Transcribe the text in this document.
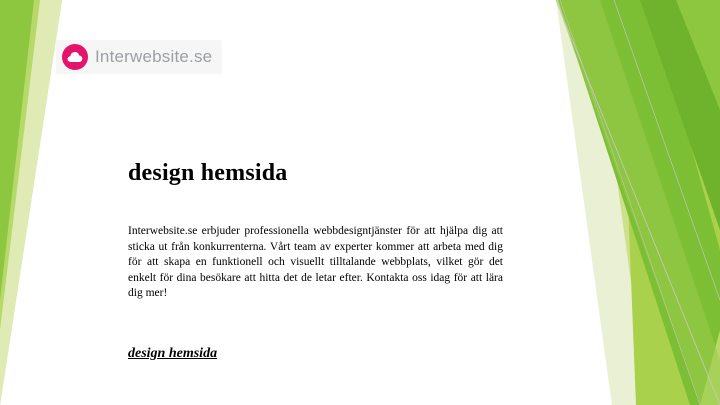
Interwebsite.se
design hemsida
Interwebsite.se erbjuder professionella webbdesigntjänster för att hjälpa dig att sticka ut från konkurrenterna. Vårt team av experter kommer att arbeta med dig för att skapa en funktionell och visuellt tilltalande webbplats, vilket gör det enkelt för dina besökare att hitta det de letar efter. Kontakta oss idag för att lära dig mer!
design hemsida
